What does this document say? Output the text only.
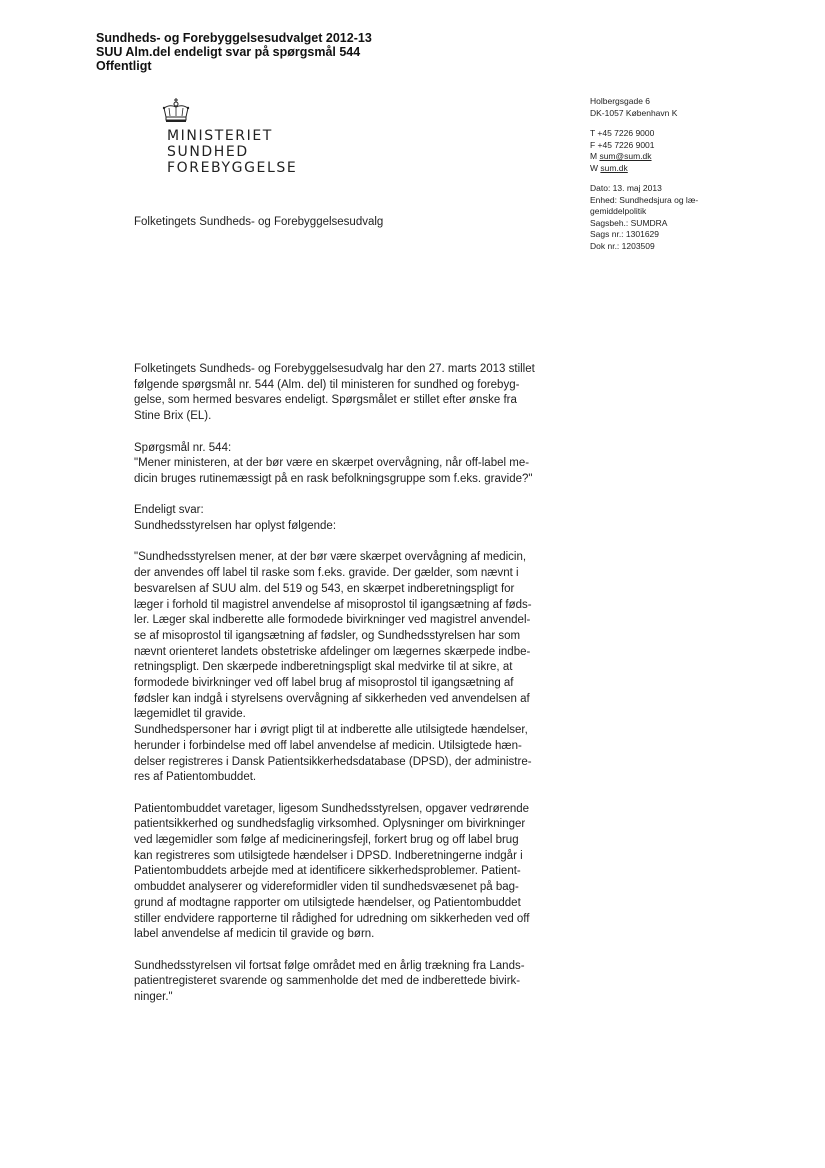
Sundheds- og Forebyggelsesudvalget 2012-13
SUU Alm.del endeligt svar på spørgsmål 544
Offentligt
MINISTERIET
SUNDHED
FOREBYGGELSE
Holbergsgade 6
DK-1057 København K
T +45 7226 9000
F +45 7226 9001
M sum@sum.dk
W sum.dk
Dato: 13. maj 2013
Enhed: Sundhedsjura og læ-
gemiddelpolitik
Sagsbeh.: SUMDRA
Sags nr.: 1301629
Dok nr.: 1203509
Folketingets Sundheds- og Forebyggelsesudvalg

Folketingets Sundheds- og Forebyggelsesudvalg har den 27. marts 2013 stillet
følgende spørgsmål nr. 544 (Alm. del) til ministeren for sundhed og forebyg-
gelse, som hermed besvares endeligt. Spørgsmålet er stillet efter ønske fra
Stine Brix (EL).

Spørgsmål nr. 544:
"Mener ministeren, at der bør være en skærpet overvågning, når off-label me-
dicin bruges rutinemæssigt på en rask befolkningsgruppe som f.eks. gravide?"

Endeligt svar:
Sundhedsstyrelsen har oplyst følgende:

"Sundhedsstyrelsen mener, at der bør være skærpet overvågning af medicin,
der anvendes off label til raske som f.eks. gravide. Der gælder, som nævnt i
besvarelsen af SUU alm. del 519 og 543, en skærpet indberetningspligt for
læger i forhold til magistrel anvendelse af misoprostol til igangsætning af føds-
ler. Læger skal indberette alle formodede bivirkninger ved magistrel anvendel-
se af misoprostol til igangsætning af fødsler, og Sundhedsstyrelsen har som
nævnt orienteret landets obstetriske afdelinger om lægernes skærpede indbe-
retningspligt. Den skærpede indberetningspligt skal medvirke til at sikre, at
formodede bivirkninger ved off label brug af misoprostol til igangsætning af
fødsler kan indgå i styrelsens overvågning af sikkerheden ved anvendelsen af
lægemidlet til gravide.
Sundhedspersoner har i øvrigt pligt til at indberette alle utilsigtede hændelser,
herunder i forbindelse med off label anvendelse af medicin. Utilsigtede hæn-
delser registreres i Dansk Patientsikkerhedsdatabase (DPSD), der administre-
res af Patientombuddet.

Patientombuddet varetager, ligesom Sundhedsstyrelsen, opgaver vedrørende
patientsikkerhed og sundhedsfaglig virksomhed. Oplysninger om bivirkninger
ved lægemidler som følge af medicineringsfejl, forkert brug og off label brug
kan registreres som utilsigtede hændelser i DPSD. Indberetningerne indgår i
Patientombuddets arbejde med at identificere sikkerhedsproblemer. Patient-
ombuddet analyserer og videreformidler viden til sundhedsvæsenet på bag-
grund af modtagne rapporter om utilsigtede hændelser, og Patientombuddet
stiller endvidere rapporterne til rådighed for udredning om sikkerheden ved off
label anvendelse af medicin til gravide og børn.

Sundhedsstyrelsen vil fortsat følge området med en årlig trækning fra Lands-
patientregisteret svarende og sammenholde det med de indberettede bivirk-
ninger."
